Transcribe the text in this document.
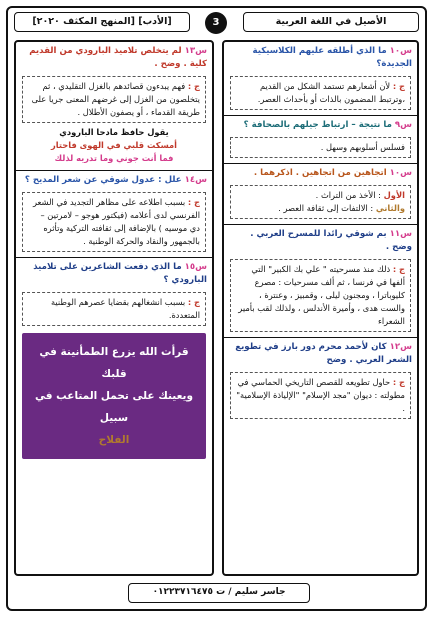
[المنهج المكثف ٢٠٢٠] [الأدب]	3	الأصيل في اللغة العربية
س١٠ ما الذي أطلقه عليهم الكلاسيكية الجديدة؟
ج : لأن أشعارهم تستمد الشكل من القديم ،وترتبط المضمون بالذات أو بأحداث العصر.
س٩ ما نتيجة – ارتباط جيلهم بالصحافة ؟
فسلس أسلوبهم وسهل .
س١٠ اتجاهين من اتجاهين . اذكرهما .
الأول : الأخذ من التراث .
والثاني : الالتفات إلى ثقافة العصر .
س١١ بم شوقي رائدا للمسرح العربي . وضح .
ج : ذلك منذ مسرحيته " علي بك الكبير" التي ألفها في فرنسا ، ثم ألف مسرحيات : مصرع كليوباترا ، ومجنون ليلى ، وقمبيز ، وعنترة ، والست هدى ، وأميرة الأندلس ، ولذلك لقب بأمير الشعراء
س١٢ كان لأحمد محرم دور بارز في تطويع الشعر العربي . وضح
ج : حاول تطويعه للقصص التاريخي الحماسي في مطولته : ديوان "مجد الإسلام" "الإلياذة الإسلامية" .
س١٣ لم يتخلص تلاميذ البارودي من القديم كلية . وضح .
ج : فهم يبدءون قصائدهم بالغزل التقليدي ، ثم يتخلصون من الغزل إلى غرضهم المعنى جريا على طريقة القدماء ، أو يصفون الأطلال .
يقول حافظ مادحا البارودي
أمسكت قلبي في الهوى فاحتار
فما أنت جوني وما تدريه لذلك
س١٤ علل : عدول شوقي عن شعر المديح ؟
ج : بسبب اطلاعه على مظاهر التجديد في الشعر الفرنسي لدى أعلامه (فيكتور هوجو – لامرتين – دي موسيه ) بالإضافة إلى ثقافته التركية وتأثره بالجمهور والنقاد والحركة الوطنية .
س١٥ ما الذي دفعت الشاعرين على تلاميذ البارودي ؟
ج : بسبب انشغالهم بقضايا عصرهم الوطنية المتعددة.
قرأت الله يزرع الطمأنينة في قلبك
ويعينك على تحمل المتاعب في سبيل
الفلاح
جاسر سليم / ت ٠١٢٢٣٧١٦٤٧٥
